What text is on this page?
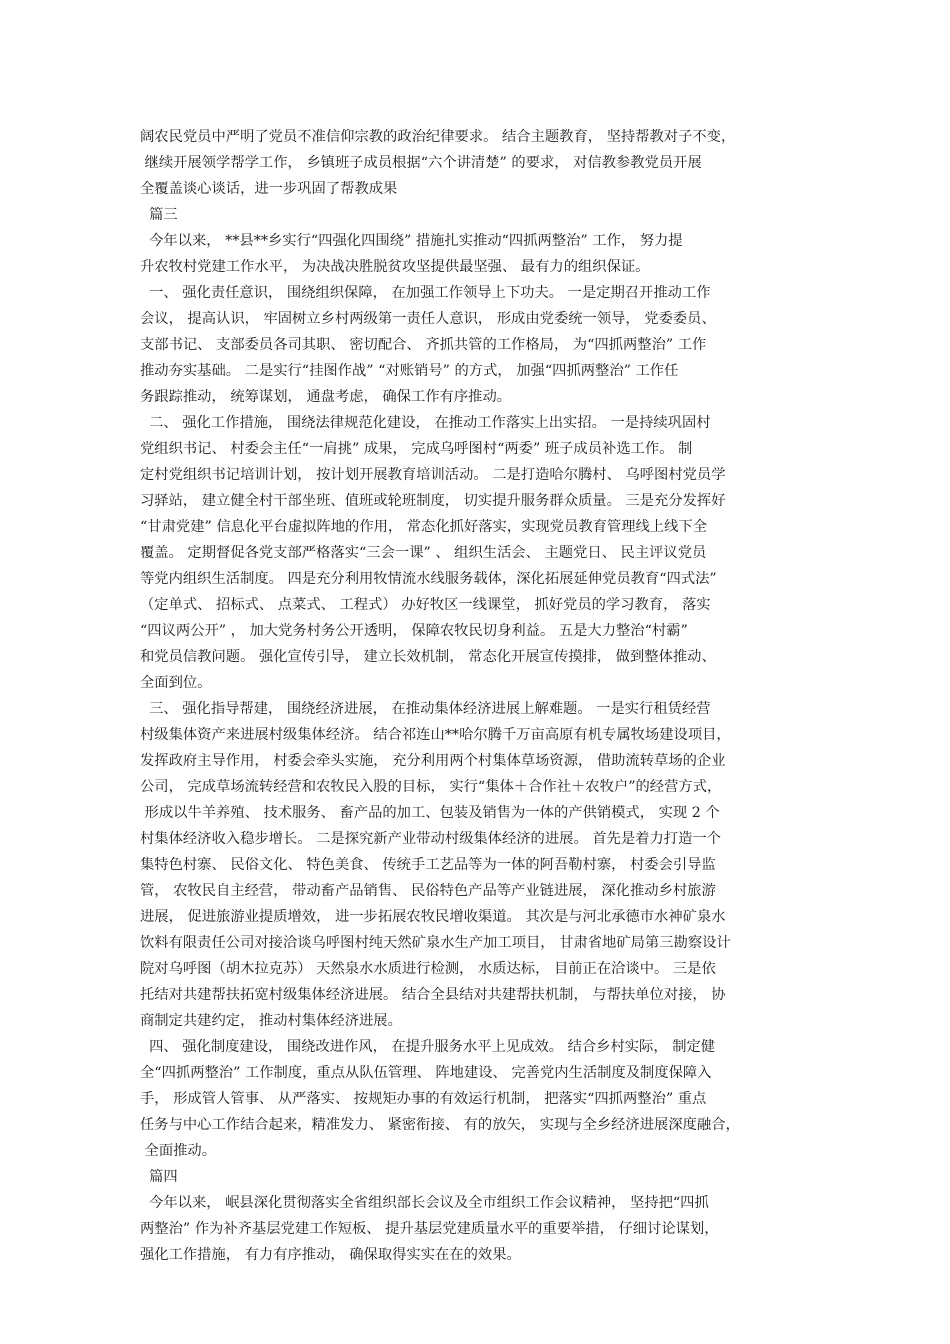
阔农民党员中严明了党员不准信仰宗教的政治纪律要求。 结合主题教育， 坚持帮教对子不变，
继续开展领学帮学工作， 乡镇班子成员根据“六个讲清楚” 的要求， 对信教参教党员开展
全覆盖谈心谈话，进一步巩固了帮教成果
篇三
今年以来， **县**乡实行“四强化四围绕” 措施扎实推动“四抓两整治” 工作， 努力提
升农牧村党建工作水平， 为决战决胜脱贫攻坚提供最坚强、 最有力的组织保证。
一、 强化责任意识， 围绕组织保障， 在加强工作领导上下功夫。 一是定期召开推动工作
会议， 提高认识， 牢固树立乡村两级第一责任人意识， 形成由党委统一领导， 党委委员、
支部书记、 支部委员各司其职、 密切配合、 齐抓共管的工作格局， 为“四抓两整治” 工作
推动夯实基础。 二是实行“挂图作战” “对账销号” 的方式， 加强“四抓两整治” 工作任
务跟踪推动， 统筹谋划， 通盘考虑， 确保工作有序推动。
二、 强化工作措施， 围绕法律规范化建设， 在推动工作落实上出实招。 一是持续巩固村
党组织书记、 村委会主任“一肩挑” 成果， 完成乌呼图村“两委” 班子成员补选工作。 制
定村党组织书记培训计划， 按计划开展教育培训活动。 二是打造哈尔腾村、 乌呼图村党员学
习驿站， 建立健全村干部坐班、值班或轮班制度， 切实提升服务群众质量。 三是充分发挥好
“甘肃党建” 信息化平台虚拟阵地的作用， 常态化抓好落实，实现党员教育管理线上线下全
覆盖。 定期督促各党支部严格落实“三会一课” 、 组织生活会、 主题党日、 民主评议党员
等党内组织生活制度。 四是充分利用牧情流水线服务载体，深化拓展延伸党员教育“四式法”
（定单式、 招标式、 点菜式、 工程式） 办好牧区一线课堂， 抓好党员的学习教育， 落实
“四议两公开” ， 加大党务村务公开透明， 保障农牧民切身利益。 五是大力整治“村霸”
和党员信教问题。 强化宣传引导， 建立长效机制， 常态化开展宣传摸排， 做到整体推动、
全面到位。
三、 强化指导帮建， 围绕经济进展， 在推动集体经济进展上解难题。 一是实行租赁经营
村级集体资产来进展村级集体经济。 结合祁连山**哈尔腾千万亩高原有机专属牧场建设项目，
发挥政府主导作用， 村委会牵头实施， 充分利用两个村集体草场资源， 借助流转草场的企业
公司， 完成草场流转经营和农牧民入股的目标， 实行“集体＋合作社＋农牧户”的经营方式，
形成以牛羊养殖、 技术服务、 畜产品的加工、包装及销售为一体的产供销模式， 实现 2 个
村集体经济收入稳步增长。 二是探究新产业带动村级集体经济的进展。 首先是着力打造一个
集特色村寨、 民俗文化、 特色美食、 传统手工艺品等为一体的阿吾勒村寨， 村委会引导监
管， 农牧民自主经营， 带动畜产品销售、 民俗特色产品等产业链进展， 深化推动乡村旅游
进展， 促进旅游业提质增效， 进一步拓展农牧民增收渠道。 其次是与河北承德市水神矿泉水
饮料有限责任公司对接洽谈乌呼图村纯天然矿泉水生产加工项目， 甘肃省地矿局第三勘察设计
院对乌呼图（胡木拉克苏） 天然泉水水质进行检测， 水质达标， 目前正在洽谈中。 三是依
托结对共建帮扶拓宽村级集体经济进展。 结合全县结对共建帮扶机制， 与帮扶单位对接， 协
商制定共建约定， 推动村集体经济进展。
四、 强化制度建设， 围绕改进作风， 在提升服务水平上见成效。 结合乡村实际， 制定健
全“四抓两整治” 工作制度，重点从队伍管理、 阵地建设、 完善党内生活制度及制度保障入
手， 形成管人管事、 从严落实、 按规矩办事的有效运行机制， 把落实“四抓两整治” 重点
任务与中心工作结合起来，精准发力、 紧密衔接、 有的放矢， 实现与全乡经济进展深度融合，
全面推动。
篇四
今年以来， 岷县深化贯彻落实全省组织部长会议及全市组织工作会议精神， 坚持把“四抓
两整治” 作为补齐基层党建工作短板、 提升基层党建质量水平的重要举措， 仔细讨论谋划，
强化工作措施， 有力有序推动， 确保取得实实在在的效果。
